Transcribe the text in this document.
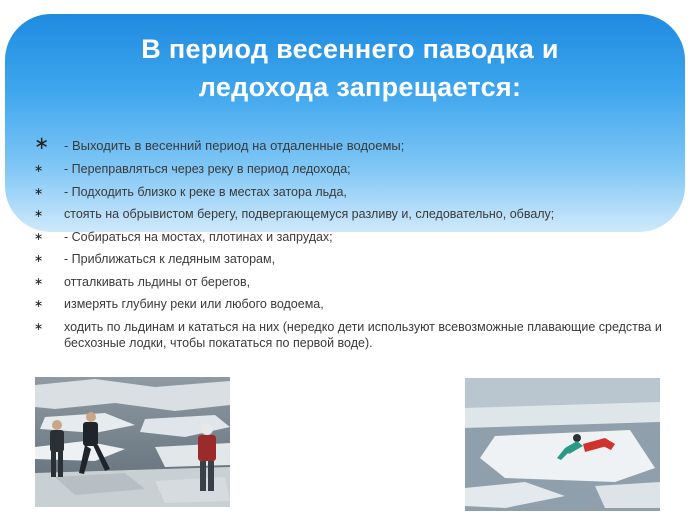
В период весеннего паводка и
ледохода запрещается:
∗ - Выходить в весенний период на отдаленные водоемы;
∗ - Переправляться через реку в период ледохода;
∗ - Подходить близко к реке в местах затора льда,
∗ стоять на обрывистом берегу, подвергающемуся разливу и, следовательно, обвалу;
∗ - Собираться на мостах, плотинах и запрудах;
∗ - Приближаться к ледяным заторам,
∗ отталкивать льдины от берегов,
∗ измерять глубину реки или любого водоема,
∗ ходить по льдинам и кататься на них (нередко дети используют всевозможные плавающие средства и бесхозные лодки, чтобы покататься по первой воде).
